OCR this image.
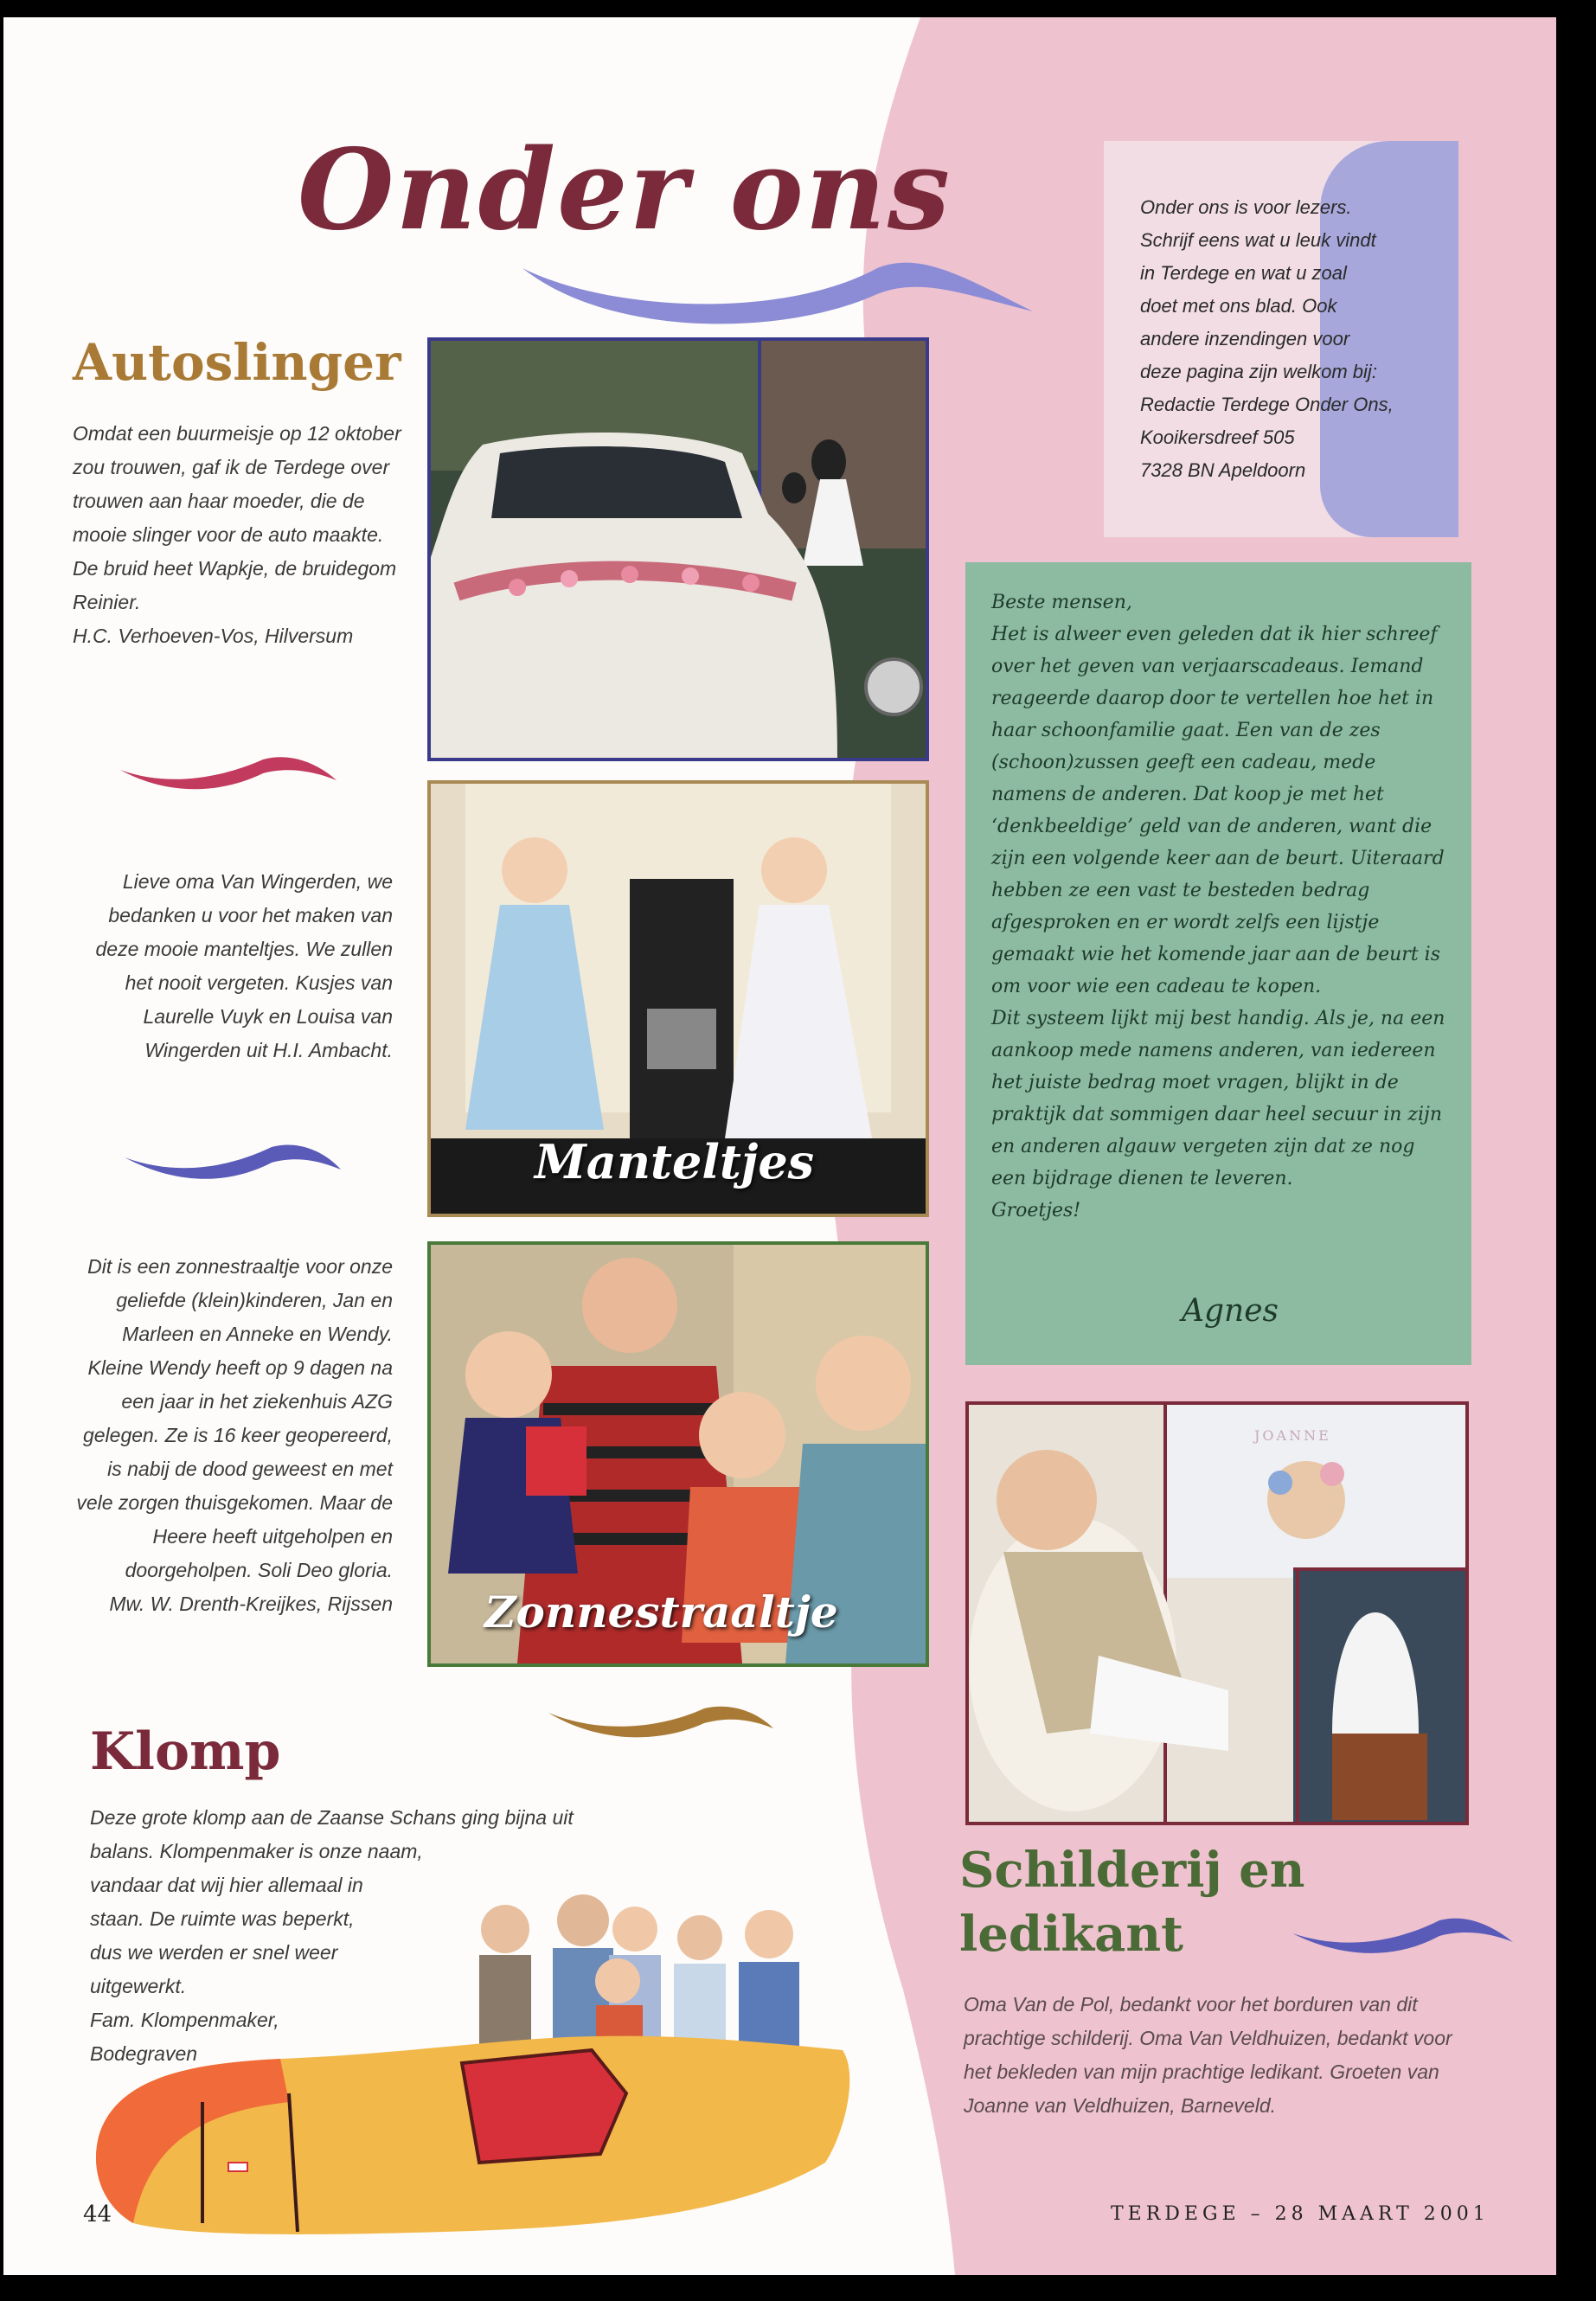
Onder ons	Onder ons is voor lezers.
Schrijf eens wat u leuk vindt
in Terdege en wat u zoal
doet met ons blad. Ook
andere inzendingen voor
deze pagina zijn welkom bij:
Redactie Terdege Onder Ons,
Kooikersdreef 505
7328 BN Apeldoorn
Autoslinger
Omdat een buurmeisje op 12 oktober zou trouwen, gaf ik de Terdege over trouwen aan haar moeder, die de mooie slinger voor de auto maakte. De bruid heet Wapkje, de bruidegom Reinier.
H.C. Verhoeven-Vos, Hilversum
Lieve oma Van Wingerden, we bedanken u voor het maken van deze mooie manteltjes. We zullen het nooit vergeten. Kusjes van Laurelle Vuyk en Louisa van Wingerden uit H.I. Ambacht.
Manteltjes
Dit is een zonnestraaltje voor onze geliefde (klein)kinderen, Jan en Marleen en Anneke en Wendy. Kleine Wendy heeft op 9 dagen na een jaar in het ziekenhuis AZG gelegen. Ze is 16 keer geopereerd, is nabij de dood geweest en met vele zorgen thuisgekomen. Maar de Heere heeft uitgeholpen en doorgeholpen. Soli Deo gloria.
Mw. W. Drenth-Kreijkes, Rijssen Zonnestraaltje
Beste mensen,
Het is alweer even geleden dat ik hier schreef over het geven van verjaarscadeaus. Iemand reageerde daarop door te vertellen hoe het in haar schoonfamilie gaat. Een van de zes (schoon)zussen geeft een cadeau, mede namens de anderen. Dat koop je met het ‘denkbeeldige’ geld van de anderen, want die zijn een volgende keer aan de beurt. Uiteraard hebben ze een vast te besteden bedrag afgesproken en er wordt zelfs een lijstje gemaakt wie het komende jaar aan de beurt is om voor wie een cadeau te kopen.
Dit systeem lijkt mij best handig. Als je, na een aankoop mede namens anderen, van iedereen het juiste bedrag moet vragen, blijkt in de praktijk dat sommigen daar heel secuur in zijn en anderen algauw vergeten zijn dat ze nog een bijdrage dienen te leveren.
Groetjes!
Agnes
JOANNE
Schilderij en
ledikant
Oma Van de Pol, bedankt voor het borduren van dit prachtige schilderij. Oma Van Veldhuizen, bedankt voor het bekleden van mijn prachtige ledikant. Groeten van Joanne van Veldhuizen, Barneveld.
Klomp
Deze grote klomp aan de Zaanse Schans ging bijna uit
balans. Klompenmaker is onze naam,
vandaar dat wij hier allemaal in
staan. De ruimte was beperkt,
dus we werden er snel weer
uitgewerkt.
Fam. Klompenmaker,
Bodegraven
44	TERDEGE – 28 MAART 2001
